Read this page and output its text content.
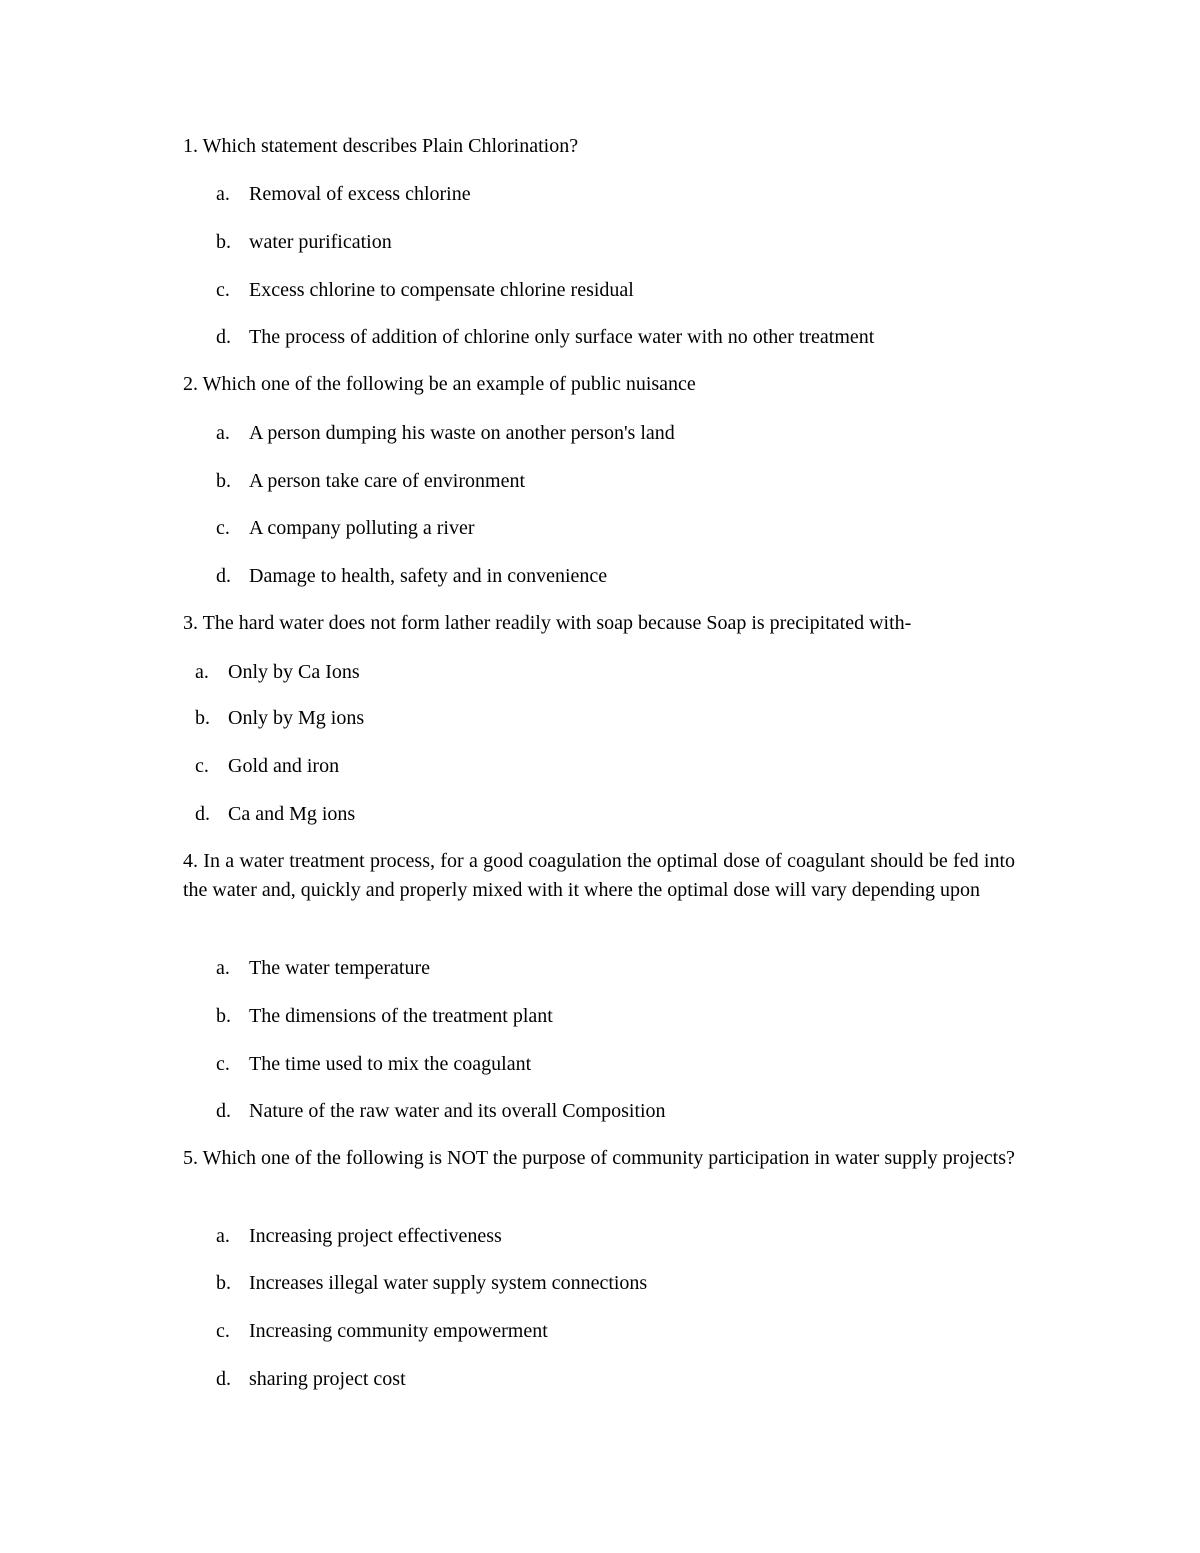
1. Which statement describes Plain Chlorination?

a. Removal of excess chlorine
b. water purification
c. Excess chlorine to compensate chlorine residual
d. The process of addition of chlorine only surface water with no other treatment

2. Which one of the following be an example of public nuisance

a. A person dumping his waste on another person's land
b. A person take care of environment
c. A company polluting a river
d. Damage to health, safety and in convenience

3. The hard water does not form lather readily with soap because Soap is precipitated with-

a. Only by Ca Ions
b. Only by Mg ions
c. Gold and iron
d. Ca and Mg ions

4. In a water treatment process, for a good coagulation the optimal dose of coagulant should be fed into the water and, quickly and properly mixed with it where the optimal dose will vary depending upon

a. The water temperature
b. The dimensions of the treatment plant
c. The time used to mix the coagulant
d. Nature of the raw water and its overall Composition

5. Which one of the following is NOT the purpose of community participation in water supply projects?

a. Increasing project effectiveness
b. Increases illegal water supply system connections
c. Increasing community empowerment
d. sharing project cost
